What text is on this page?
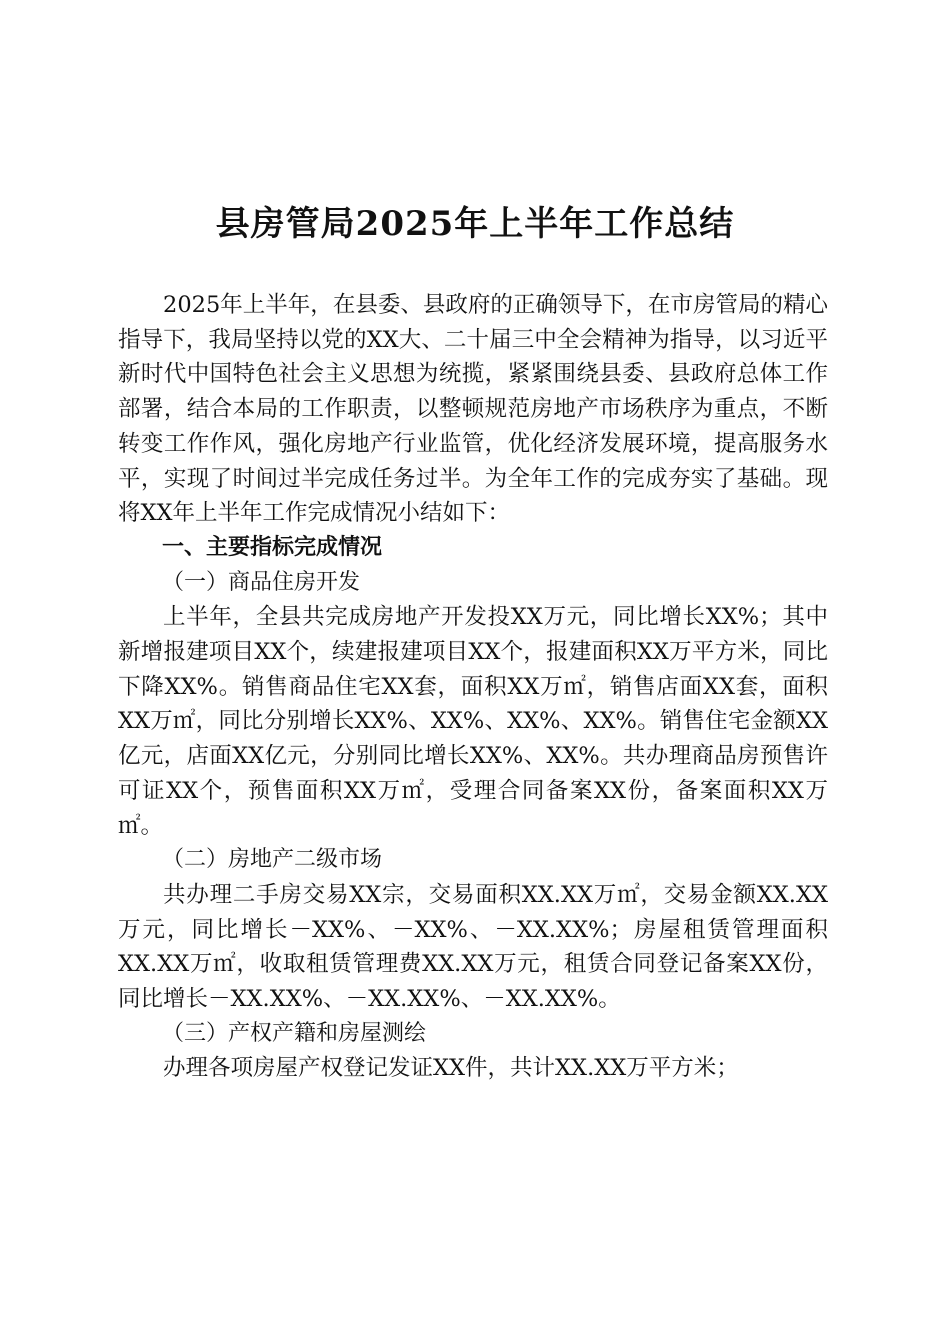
县房管局2025年上半年工作总结

2025年上半年，在县委、县政府的正确领导下，在市房管局的精心指导下，我局坚持以党的XX大、二十届三中全会精神为指导，以习近平新时代中国特色社会主义思想为统揽，紧紧围绕县委、县政府总体工作部署，结合本局的工作职责，以整顿规范房地产市场秩序为重点，不断转变工作作风，强化房地产行业监管，优化经济发展环境，提高服务水平，实现了时间过半完成任务过半。为全年工作的完成夯实了基础。现将XX年上半年工作完成情况小结如下：

一、主要指标完成情况

（一）商品住房开发

上半年，全县共完成房地产开发投XX万元，同比增长XX%；其中新增报建项目XX个，续建报建项目XX个，报建面积XX万平方米，同比下降XX%。销售商品住宅XX套，面积XX万㎡，销售店面XX套，面积XX万㎡，同比分别增长XX%、XX%、XX%、XX%。销售住宅金额XX亿元，店面XX亿元，分别同比增长XX%、XX%。共办理商品房预售许可证XX个，预售面积XX万㎡，受理合同备案XX份，备案面积XX万㎡。

（二）房地产二级市场

共办理二手房交易XX宗，交易面积XX.XX万㎡，交易金额XX.XX万元，同比增长－XX%、－XX%、－XX.XX%；房屋租赁管理面积XX.XX万㎡，收取租赁管理费XX.XX万元，租赁合同登记备案XX份，同比增长－XX.XX%、－XX.XX%、－XX.XX%。

（三）产权产籍和房屋测绘

办理各项房屋产权登记发证XX件，共计XX.XX万平方米；
